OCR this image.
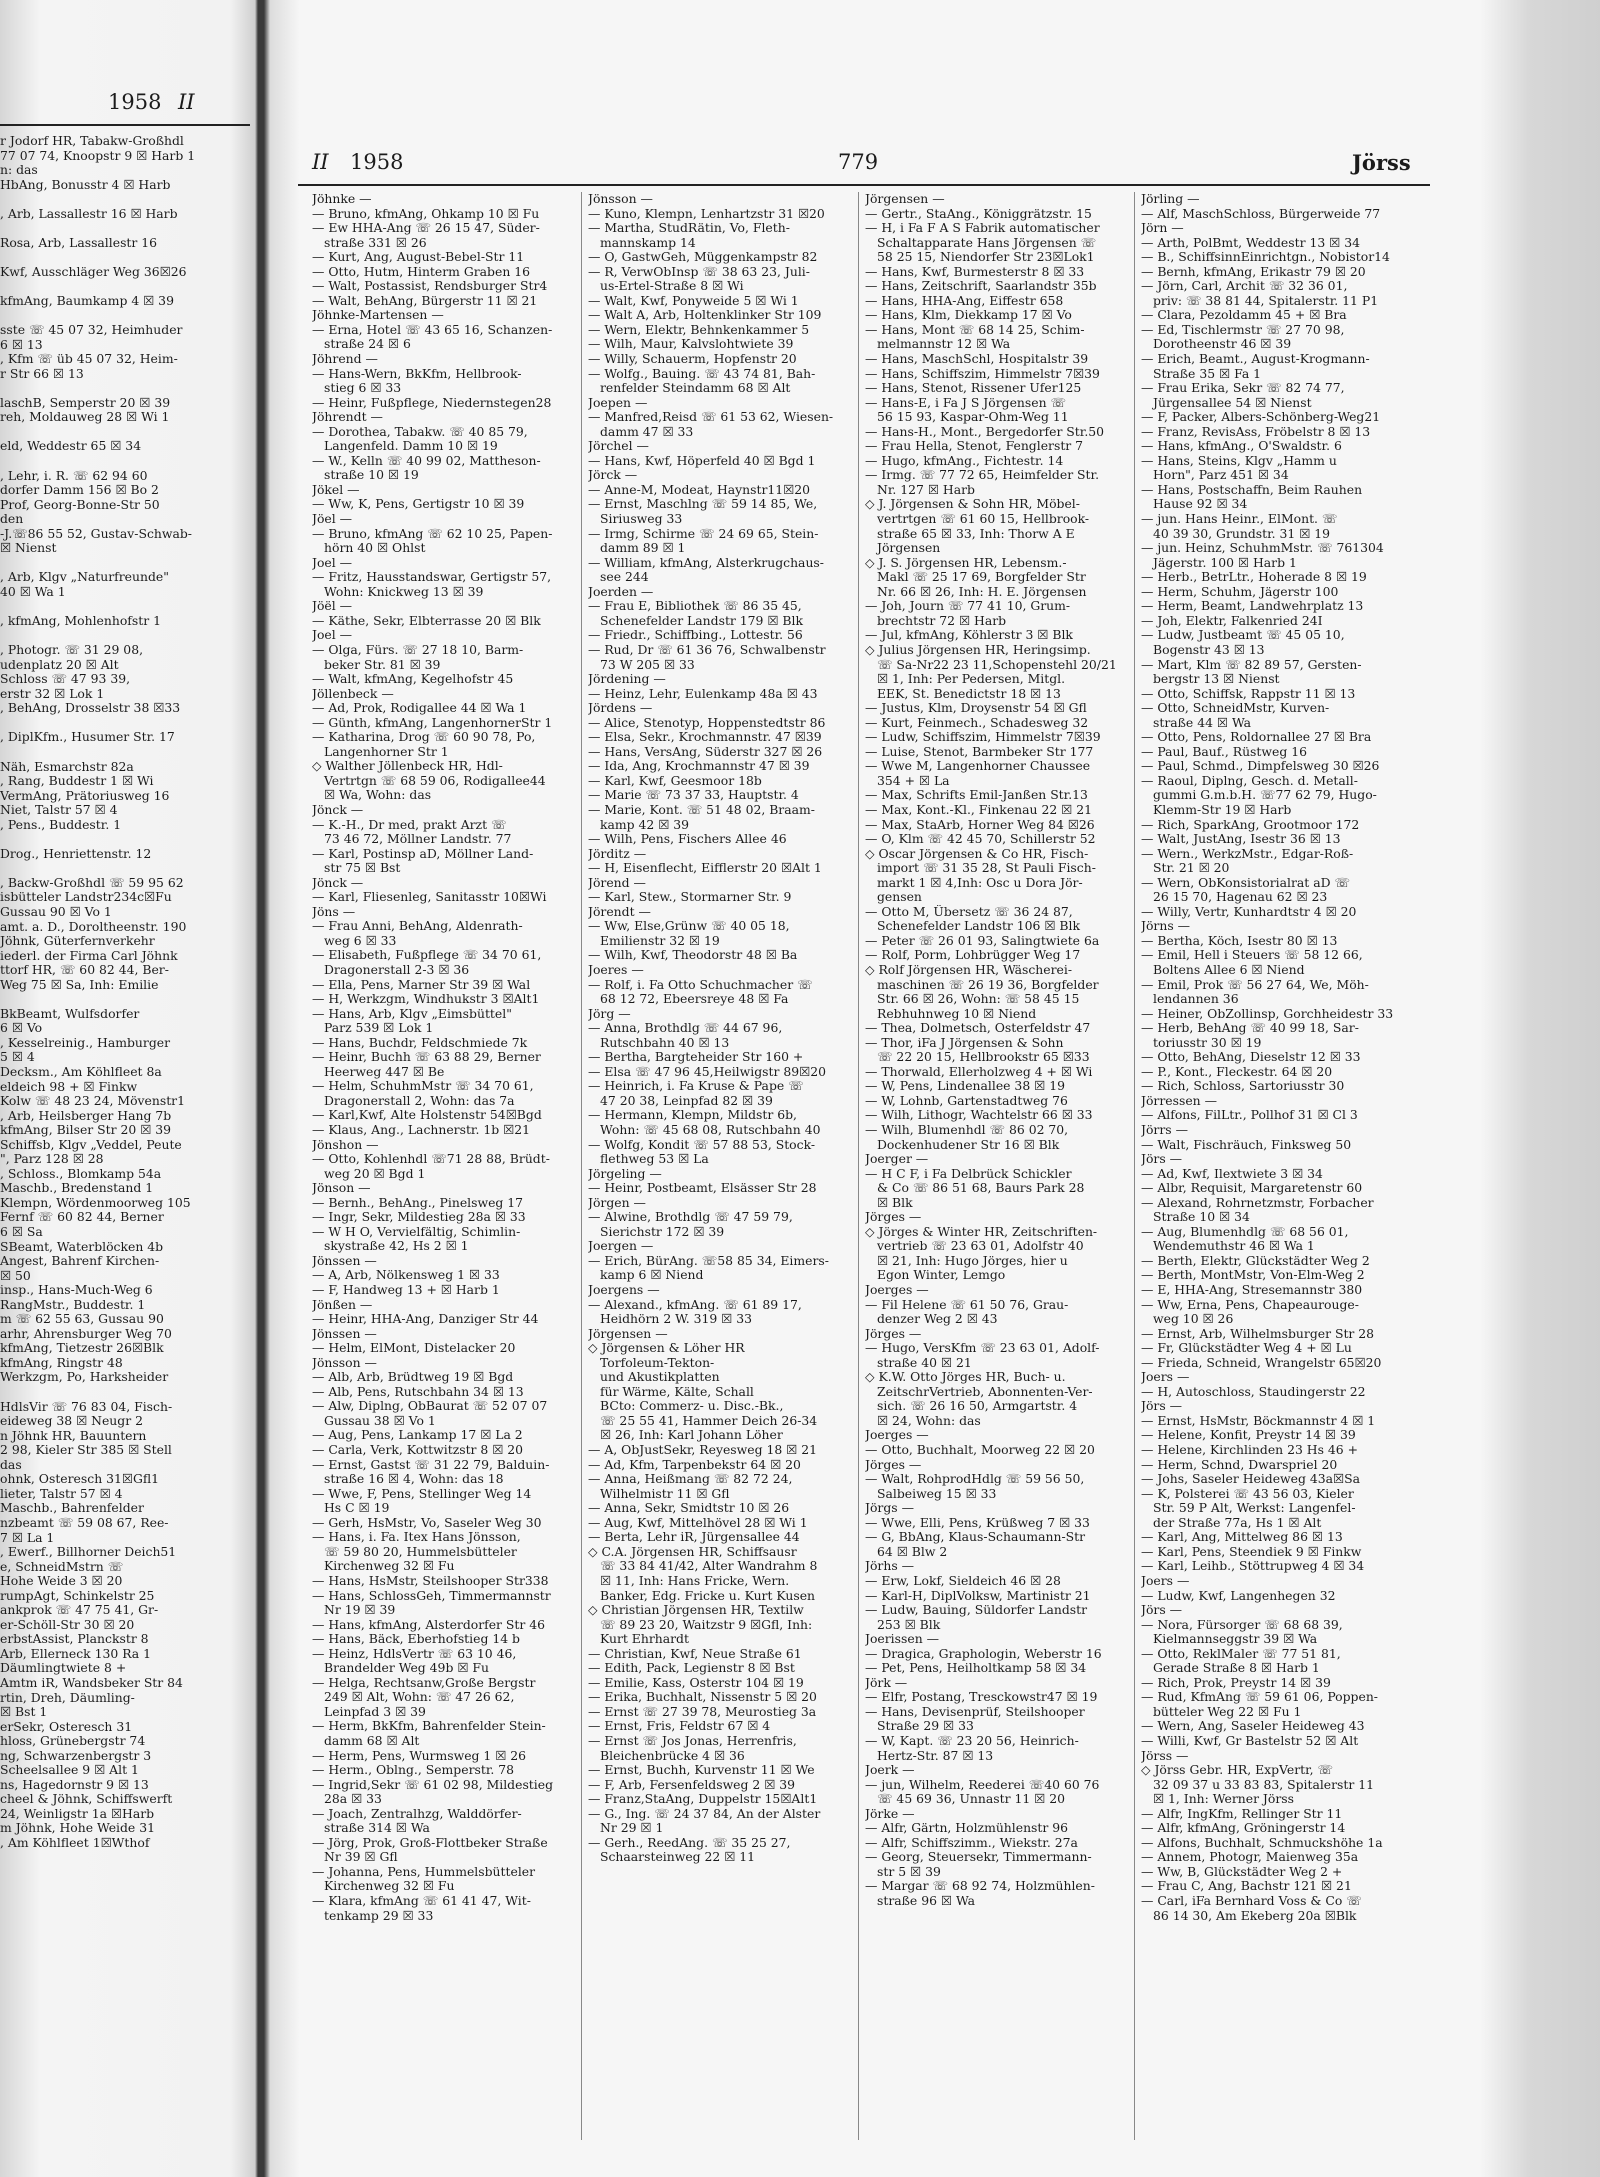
1958 II
r Jodorf HR, Tabakw-Großhdl
77 07 74, Knoopstr 9 ☒ Harb 1
n: das
HbAng, Bonusstr 4 ☒ Harb

, Arb, Lassallestr 16 ☒ Harb

Rosa, Arb, Lassallestr 16

Kwf, Ausschläger Weg 36☒26

kfmAng, Baumkamp 4 ☒ 39

sste ☏ 45 07 32, Heimhuder
6 ☒ 13
, Kfm ☏ üb 45 07 32, Heim-
r Str 66 ☒ 13

laschB, Semperstr 20 ☒ 39
reh, Moldauweg 28 ☒ Wi 1

eld, Weddestr 65 ☒ 34

, Lehr, i. R. ☏ 62 94 60
dorfer Damm 156 ☒ Bo 2
Prof, Georg-Bonne-Str 50
den
-J.☏86 55 52, Gustav-Schwab-
☒ Nienst

, Arb, Klgv „Naturfreunde"
40 ☒ Wa 1

, kfmAng, Mohlenhofstr 1

, Photogr. ☏ 31 29 08,
udenplatz 20 ☒ Alt
Schloss ☏ 47 93 39,
erstr 32 ☒ Lok 1
, BehAng, Drosselstr 38 ☒33

, DiplKfm., Husumer Str. 17

Näh, Esmarchstr 82a
, Rang, Buddestr 1 ☒ Wi
VermAng, Prätoriusweg 16
Niet, Talstr 57 ☒ 4
, Pens., Buddestr. 1

Drog., Henriettenstr. 12

, Backw-Großhdl ☏ 59 95 62
isbütteler Landstr234c☒Fu
Gussau 90 ☒ Vo 1
amt. a. D., Doroltheenstr. 190
Jöhnk, Güterfernverkehr
iederl. der Firma Carl Jöhnk
ttorf HR, ☏ 60 82 44, Ber-
Weg 75 ☒ Sa, Inh: Emilie

BkBeamt, Wulfsdorfer
6 ☒ Vo
, Kesselreinig., Hamburger
5 ☒ 4
Decksm., Am Köhlfleet 8a
eldeich 98 + ☒ Finkw
Kolw ☏ 48 23 24, Mövenstr1
, Arb, Heilsberger Hang 7b
kfmAng, Bilser Str 20 ☒ 39
Schiffsb, Klgv „Veddel, Peute
", Parz 128 ☒ 28
, Schloss., Blomkamp 54a
Maschb., Bredenstand 1
Klempn, Wördenmoorweg 105
Fernf ☏ 60 82 44, Berner
6 ☒ Sa
SBeamt, Waterblöcken 4b
Angest, Bahrenf Kirchen-
☒ 50
insp., Hans-Much-Weg 6
RangMstr., Buddestr. 1
m ☏ 62 55 63, Gussau 90
arhr, Ahrensburger Weg 70
kfmAng, Tietzestr 26☒Blk
kfmAng, Ringstr 48
Werkzgm, Po, Harksheider

HdlsVir ☏ 76 83 04, Fisch-
eideweg 38 ☒ Neugr 2
n Jöhnk HR, Bauuntern
2 98, Kieler Str 385 ☒ Stell
das
ohnk, Osteresch 31☒Gfl1
lieter, Talstr 57 ☒ 4
Maschb., Bahrenfelder
nzbeamt ☏ 59 08 67, Ree-
7 ☒ La 1
, Ewerf., Billhorner Deich51
e, SchneidMstrn ☏
Hohe Weide 3 ☒ 20
rumpAgt, Schinkelstr 25
ankprok ☏ 47 75 41, Gr-
er-Schöll-Str 30 ☒ 20
erbstAssist, Planckstr 8
Arb, Ellerneck 130 Ra 1
Däumlingtwiete 8 +
Amtm iR, Wandsbeker Str 84
rtin, Dreh, Däumling-
☒ Bst 1
erSekr, Osteresch 31
hloss, Grünebergstr 74
ng, Schwarzenbergstr 3
Scheelsallee 9 ☒ Alt 1
ns, Hagedornstr 9 ☒ 13
cheel & Jöhnk, Schiffswerft
24, Weinligstr 1a ☒Harb
m Jöhnk, Hohe Weide 31
, Am Köhlfleet 1☒Wthof
II 1958	779	Jörss
Jöhnke —
— Bruno, kfmAng, Ohkamp 10 ☒ Fu
— Ew HHA-Ang ☏ 26 15 47, Süder-
straße 331 ☒ 26
— Kurt, Ang, August-Bebel-Str 11
— Otto, Hutm, Hinterm Graben 16
— Walt, Postassist, Rendsburger Str4
— Walt, BehAng, Bürgerstr 11 ☒ 21
Jöhnke-Martensen —
— Erna, Hotel ☏ 43 65 16, Schanzen-
straße 24 ☒ 6
Jöhrend —
— Hans-Wern, BkKfm, Hellbrook-
stieg 6 ☒ 33
— Heinr, Fußpflege, Niedernstegen28
Jöhrendt —
— Dorothea, Tabakw. ☏ 40 85 79,
Langenfeld. Damm 10 ☒ 19
— W., Kelln ☏ 40 99 02, Mattheson-
straße 10 ☒ 19
Jökel —
— Ww, K, Pens, Gertigstr 10 ☒ 39
Jöel —
— Bruno, kfmAng ☏ 62 10 25, Papen-
hörn 40 ☒ Ohlst
Joel —
— Fritz, Hausstandswar, Gertigstr 57,
Wohn: Knickweg 13 ☒ 39
Jöël —
— Käthe, Sekr, Elbterrasse 20 ☒ Blk
Joel —
— Olga, Fürs. ☏ 27 18 10, Barm-
beker Str. 81 ☒ 39
— Walt, kfmAng, Kegelhofstr 45
Jöllenbeck —
— Ad, Prok, Rodigallee 44 ☒ Wa 1
— Günth, kfmAng, LangenhornerStr 1
— Katharina, Drog ☏ 60 90 78, Po,
Langenhorner Str 1
◇ Walther Jöllenbeck HR, Hdl-
Vertrtgn ☏ 68 59 06, Rodigallee44
☒ Wa, Wohn: das
Jönck —
— K.-H., Dr med, prakt Arzt ☏
73 46 72, Möllner Landstr. 77
— Karl, Postinsp aD, Möllner Land-
str 75 ☒ Bst
Jönck —
— Karl, Fliesenleg, Sanitasstr 10☒Wi
Jöns —
— Frau Anni, BehAng, Aldenrath-
weg 6 ☒ 33
— Elisabeth, Fußpflege ☏ 34 70 61,
Dragonerstall 2-3 ☒ 36
— Ella, Pens, Marner Str 39 ☒ Wal
— H, Werkzgm, Windhukstr 3 ☒Alt1
— Hans, Arb, Klgv „Eimsbüttel"
Parz 539 ☒ Lok 1
— Hans, Buchdr, Feldschmiede 7k
— Heinr, Buchh ☏ 63 88 29, Berner
Heerweg 447 ☒ Be
— Helm, SchuhmMstr ☏ 34 70 61,
Dragonerstall 2, Wohn: das 7a
— Karl,Kwf, Alte Holstenstr 54☒Bgd
— Klaus, Ang., Lachnerstr. 1b ☒21
Jönshon —
— Otto, Kohlenhdl ☏71 28 88, Brüdt-
weg 20 ☒ Bgd 1
Jönson —
— Bernh., BehAng., Pinelsweg 17
— Ingr, Sekr, Mildestieg 28a ☒ 33
— W H O, Vervielfältig, Schimlin-
skystraße 42, Hs 2 ☒ 1
Jönssen —
— A, Arb, Nölkensweg 1 ☒ 33
— F, Handweg 13 + ☒ Harb 1
Jönßen —
— Heinr, HHA-Ang, Danziger Str 44
Jönssen —
— Helm, ElMont, Distelacker 20
Jönsson —
— Alb, Arb, Brüdtweg 19 ☒ Bgd
— Alb, Pens, Rutschbahn 34 ☒ 13
— Alw, Diplng, ObBaurat ☏ 52 07 07
Gussau 38 ☒ Vo 1
— Aug, Pens, Lankamp 17 ☒ La 2
— Carla, Verk, Kottwitzstr 8 ☒ 20
— Ernst, Gastst ☏ 31 22 79, Balduin-
straße 16 ☒ 4, Wohn: das 18
— Wwe, F, Pens, Stellinger Weg 14
Hs C ☒ 19
— Gerh, HsMstr, Vo, Saseler Weg 30
— Hans, i. Fa. Itex Hans Jönsson,
☏ 59 80 20, Hummelsbütteler
Kirchenweg 32 ☒ Fu
— Hans, HsMstr, Steilshooper Str338
— Hans, SchlossGeh, Timmermannstr
Nr 19 ☒ 39
— Hans, kfmAng, Alsterdorfer Str 46
— Hans, Bäck, Eberhofstieg 14 b
— Heinz, HdlsVertr ☏ 63 10 46,
Brandelder Weg 49b ☒ Fu
— Helga, Rechtsanw,Große Bergstr
249 ☒ Alt, Wohn: ☏ 47 26 62,
Leinpfad 3 ☒ 39
— Herm, BkKfm, Bahrenfelder Stein-
damm 68 ☒ Alt
— Herm, Pens, Wurmsweg 1 ☒ 26
— Herm., Oblng., Semperstr. 78
— Ingrid,Sekr ☏ 61 02 98, Mildestieg
28a ☒ 33
— Joach, Zentralhzg, Walddörfer-
straße 314 ☒ Wa
— Jörg, Prok, Groß-Flottbeker Straße
Nr 39 ☒ Gfl
— Johanna, Pens, Hummelsbütteler
Kirchenweg 32 ☒ Fu
— Klara, kfmAng ☏ 61 41 47, Wit-
tenkamp 29 ☒ 33
Jönsson —
— Kuno, Klempn, Lenhartzstr 31 ☒20
— Martha, StudRätin, Vo, Fleth-
mannskamp 14
— O, GastwGeh, Müggenkampstr 82
— R, VerwObInsp ☏ 38 63 23, Juli-
us-Ertel-Straße 8 ☒ Wi
— Walt, Kwf, Ponyweide 5 ☒ Wi 1
— Walt A, Arb, Holtenklinker Str 109
— Wern, Elektr, Behnkenkammer 5
— Wilh, Maur, Kalvslohtwiete 39
— Willy, Schauerm, Hopfenstr 20
— Wolfg., Bauing. ☏ 43 74 81, Bah-
renfelder Steindamm 68 ☒ Alt
Joepen —
— Manfred,Reisd ☏ 61 53 62, Wiesen-
damm 47 ☒ 33
Jörchel —
— Hans, Kwf, Höperfeld 40 ☒ Bgd 1
Jörck —
— Anne-M, Modeat, Haynstr11☒20
— Ernst, Maschlng ☏ 59 14 85, We,
Siriusweg 33
— Irmg, Schirme ☏ 24 69 65, Stein-
damm 89 ☒ 1
— William, kfmAng, Alsterkrugchaus-
see 244
Joerden —
— Frau E, Bibliothek ☏ 86 35 45,
Schenefelder Landstr 179 ☒ Blk
— Friedr., Schiffbing., Lottestr. 56
— Rud, Dr ☏ 61 36 76, Schwalbenstr
73 W 205 ☒ 33
Jördening —
— Heinz, Lehr, Eulenkamp 48a ☒ 43
Jördens —
— Alice, Stenotyp, Hoppenstedtstr 86
— Elsa, Sekr., Krochmannstr. 47 ☒39
— Hans, VersAng, Süderstr 327 ☒ 26
— Ida, Ang, Krochmannstr 47 ☒ 39
— Karl, Kwf, Geesmoor 18b
— Marie ☏ 73 37 33, Hauptstr. 4
— Marie, Kont. ☏ 51 48 02, Braam-
kamp 42 ☒ 39
— Wilh, Pens, Fischers Allee 46
Jörditz —
— H, Eisenflecht, Eifflerstr 20 ☒Alt 1
Jörend —
— Karl, Stew., Stormarner Str. 9
Jörendt —
— Ww, Else,Grünw ☏ 40 05 18,
Emilienstr 32 ☒ 19
— Wilh, Kwf, Theodorstr 48 ☒ Ba
Joeres —
— Rolf, i. Fa Otto Schuchmacher ☏
68 12 72, Ebeersreye 48 ☒ Fa
Jörg —
— Anna, Brothdlg ☏ 44 67 96,
Rutschbahn 40 ☒ 13
— Bertha, Bargteheider Str 160 +
— Elsa ☏ 47 96 45,Heilwigstr 89☒20
— Heinrich, i. Fa Kruse & Pape ☏
47 20 38, Leinpfad 82 ☒ 39
— Hermann, Klempn, Mildstr 6b,
Wohn: ☏ 45 68 08, Rutschbahn 40
— Wolfg, Kondit ☏ 57 88 53, Stock-
flethweg 53 ☒ La
Jörgeling —
— Heinr, Postbeamt, Elsässer Str 28
Jörgen —
— Alwine, Brothdlg ☏ 47 59 79,
Sierichstr 172 ☒ 39
Joergen —
— Erich, BürAng. ☏58 85 34, Eimers-
kamp 6 ☒ Niend
Joergens —
— Alexand., kfmAng. ☏ 61 89 17,
Heidhörn 2 W. 319 ☒ 33
Jörgensen —
◇ Jörgensen & Löher HR
Torfoleum-Tekton-
und Akustikplatten
für Wärme, Kälte, Schall
BCto: Commerz- u. Disc.-Bk.,
☏ 25 55 41, Hammer Deich 26-34
☒ 26, Inh: Karl Johann Löher
— A, ObJustSekr, Reyesweg 18 ☒ 21
— Ad, Kfm, Tarpenbekstr 64 ☒ 20
— Anna, Heißmang ☏ 82 72 24,
Wilhelmistr 11 ☒ Gfl
— Anna, Sekr, Smidtstr 10 ☒ 26
— Aug, Kwf, Mittelhövel 28 ☒ Wi 1
— Berta, Lehr iR, Jürgensallee 44
◇ C.A. Jörgensen HR, Schiffsausr
☏ 33 84 41/42, Alter Wandrahm 8
☒ 11, Inh: Hans Fricke, Wern.
Banker, Edg. Fricke u. Kurt Kusen
◇ Christian Jörgensen HR, Textilw
☏ 89 23 20, Waitzstr 9 ☒Gfl, Inh:
Kurt Ehrhardt
— Christian, Kwf, Neue Straße 61
— Edith, Pack, Legienstr 8 ☒ Bst
— Emilie, Kass, Osterstr 104 ☒ 19
— Erika, Buchhalt, Nissenstr 5 ☒ 20
— Ernst ☏ 27 39 78, Meurostieg 3a
— Ernst, Fris, Feldstr 67 ☒ 4
— Ernst ☏ Jos Jonas, Herrenfris,
Bleichenbrücke 4 ☒ 36
— Ernst, Buchh, Kurvenstr 11 ☒ We
— F, Arb, Fersenfeldsweg 2 ☒ 39
— Franz,StaAng, Duppelstr 15☒Alt1
— G., Ing. ☏ 24 37 84, An der Alster
Nr 29 ☒ 1
— Gerh., ReedAng. ☏ 35 25 27,
Schaarsteinweg 22 ☒ 11
Jörgensen —
— Gertr., StaAng., Königgrätzstr. 15
— H, i Fa F A S Fabrik automatischer
Schaltapparate Hans Jörgensen ☏
58 25 15, Niendorfer Str 23☒Lok1
— Hans, Kwf, Burmesterstr 8 ☒ 33
— Hans, Zeitschrift, Saarlandstr 35b
— Hans, HHA-Ang, Eiffestr 658
— Hans, Klm, Diekkamp 17 ☒ Vo
— Hans, Mont ☏ 68 14 25, Schim-
melmannstr 12 ☒ Wa
— Hans, MaschSchl, Hospitalstr 39
— Hans, Schiffszim, Himmelstr 7☒39
— Hans, Stenot, Rissener Ufer125
— Hans-E, i Fa J S Jörgensen ☏
56 15 93, Kaspar-Ohm-Weg 11
— Hans-H., Mont., Bergedorfer Str.50
— Frau Hella, Stenot, Fenglerstr 7
— Hugo, kfmAng., Fichtestr. 14
— Irmg. ☏ 77 72 65, Heimfelder Str.
Nr. 127 ☒ Harb
◇ J. Jörgensen & Sohn HR, Möbel-
vertrtgen ☏ 61 60 15, Hellbrook-
straße 65 ☒ 33, Inh: Thorw A E
Jörgensen
◇ J. S. Jörgensen HR, Lebensm.-
Makl ☏ 25 17 69, Borgfelder Str
Nr. 66 ☒ 26, Inh: H. E. Jörgensen
— Joh, Journ ☏ 77 41 10, Grum-
brechtstr 72 ☒ Harb
— Jul, kfmAng, Köhlerstr 3 ☒ Blk
◇ Julius Jörgensen HR, Heringsimp.
☏ Sa-Nr22 23 11,Schopenstehl 20/21
☒ 1, Inh: Per Pedersen, Mitgl.
EEK, St. Benedictstr 18 ☒ 13
— Justus, Klm, Droysenstr 54 ☒ Gfl
— Kurt, Feinmech., Schadesweg 32
— Ludw, Schiffszim, Himmelstr 7☒39
— Luise, Stenot, Barmbeker Str 177
— Wwe M, Langenhorner Chaussee
354 + ☒ La
— Max, Schrifts Emil-Janßen Str.13
— Max, Kont.-Kl., Finkenau 22 ☒ 21
— Max, StaArb, Horner Weg 84 ☒26
— O, Klm ☏ 42 45 70, Schillerstr 52
◇ Oscar Jörgensen & Co HR, Fisch-
import ☏ 31 35 28, St Pauli Fisch-
markt 1 ☒ 4,Inh: Osc u Dora Jör-
gensen
— Otto M, Übersetz ☏ 36 24 87,
Schenefelder Landstr 106 ☒ Blk
— Peter ☏ 26 01 93, Salingtwiete 6a
— Rolf, Porm, Lohbrügger Weg 17
◇ Rolf Jörgensen HR, Wäscherei-
maschinen ☏ 26 19 36, Borgfelder
Str. 66 ☒ 26, Wohn: ☏ 58 45 15
Rebhuhnweg 10 ☒ Niend
— Thea, Dolmetsch, Osterfeldstr 47
— Thor, iFa J Jörgensen & Sohn
☏ 22 20 15, Hellbrookstr 65 ☒33
— Thorwald, Ellerholzweg 4 + ☒ Wi
— W, Pens, Lindenallee 38 ☒ 19
— W, Lohnb, Gartenstadtweg 76
— Wilh, Lithogr, Wachtelstr 66 ☒ 33
— Wilh, Blumenhdl ☏ 86 02 70,
Dockenhudener Str 16 ☒ Blk
Joerger —
— H C F, i Fa Delbrück Schickler
& Co ☏ 86 51 68, Baurs Park 28
☒ Blk
Jörges —
◇ Jörges & Winter HR, Zeitschriften-
vertrieb ☏ 23 63 01, Adolfstr 40
☒ 21, Inh: Hugo Jörges, hier u
Egon Winter, Lemgo
Joerges —
— Fil Helene ☏ 61 50 76, Grau-
denzer Weg 2 ☒ 43
Jörges —
— Hugo, VersKfm ☏ 23 63 01, Adolf-
straße 40 ☒ 21
◇ K.W. Otto Jörges HR, Buch- u.
ZeitschrVertrieb, Abonnenten-Ver-
sich. ☏ 26 16 50, Armgartstr. 4
☒ 24, Wohn: das
Joerges —
— Otto, Buchhalt, Moorweg 22 ☒ 20
Jörges —
— Walt, RohprodHdlg ☏ 59 56 50,
Salbeiweg 15 ☒ 33
Jörgs —
— Wwe, Elli, Pens, Krüßweg 7 ☒ 33
— G, BbAng, Klaus-Schaumann-Str
64 ☒ Blw 2
Jörhs —
— Erw, Lokf, Sieldeich 46 ☒ 28
— Karl-H, DiplVolksw, Martinistr 21
— Ludw, Bauing, Süldorfer Landstr
253 ☒ Blk
Joerissen —
— Dragica, Graphologin, Weberstr 16
— Pet, Pens, Heilholtkamp 58 ☒ 34
Jörk —
— Elfr, Postang, Tresckowstr47 ☒ 19
— Hans, Devisenprüf, Steilshooper
Straße 29 ☒ 33
— W, Kapt. ☏ 23 20 56, Heinrich-
Hertz-Str. 87 ☒ 13
Joerk —
— jun, Wilhelm, Reederei ☏40 60 76
☏ 45 69 36, Unnastr 11 ☒ 20
Jörke —
— Alfr, Gärtn, Holzmühlenstr 96
— Alfr, Schiffszimm., Wiekstr. 27a
— Georg, Steuersekr, Timmermann-
str 5 ☒ 39
— Margar ☏ 68 92 74, Holzmühlen-
straße 96 ☒ Wa
Jörling —
— Alf, MaschSchloss, Bürgerweide 77
Jörn —
— Arth, PolBmt, Weddestr 13 ☒ 34
— B., SchiffsinnEinrichtgn., Nobistor14
— Bernh, kfmAng, Erikastr 79 ☒ 20
— Jörn, Carl, Archit ☏ 32 36 01,
priv: ☏ 38 81 44, Spitalerstr. 11 P1
— Clara, Pezoldamm 45 + ☒ Bra
— Ed, Tischlermstr ☏ 27 70 98,
Dorotheenstr 46 ☒ 39
— Erich, Beamt., August-Krogmann-
Straße 35 ☒ Fa 1
— Frau Erika, Sekr ☏ 82 74 77,
Jürgensallee 54 ☒ Nienst
— F, Packer, Albers-Schönberg-Weg21
— Franz, RevisAss, Fröbelstr 8 ☒ 13
— Hans, kfmAng., O'Swaldstr. 6
— Hans, Steins, Klgv „Hamm u
Horn", Parz 451 ☒ 34
— Hans, Postschaffn, Beim Rauhen
Hause 92 ☒ 34
— jun. Hans Heinr., ElMont. ☏
40 39 30, Grundstr. 31 ☒ 19
— jun. Heinz, SchuhmMstr. ☏ 761304
Jägerstr. 100 ☒ Harb 1
— Herb., BetrLtr., Hoherade 8 ☒ 19
— Herm, Schuhm, Jägerstr 100
— Herm, Beamt, Landwehrplatz 13
— Joh, Elektr, Falkenried 24I
— Ludw, Justbeamt ☏ 45 05 10,
Bogenstr 43 ☒ 13
— Mart, Klm ☏ 82 89 57, Gersten-
bergstr 13 ☒ Nienst
— Otto, Schiffsk, Rappstr 11 ☒ 13
— Otto, SchneidMstr, Kurven-
straße 44 ☒ Wa
— Otto, Pens, Roldornallee 27 ☒ Bra
— Paul, Bauf., Rüstweg 16
— Paul, Schmd., Dimpfelsweg 30 ☒26
— Raoul, Diplng, Gesch. d. Metall-
gummi G.m.b.H. ☏77 62 79, Hugo-
Klemm-Str 19 ☒ Harb
— Rich, SparkAng, Grootmoor 172
— Walt, JustAng, Isestr 36 ☒ 13
— Wern., WerkzMstr., Edgar-Roß-
Str. 21 ☒ 20
— Wern, ObKonsistorialrat aD ☏
26 15 70, Hagenau 62 ☒ 23
— Willy, Vertr, Kunhardtstr 4 ☒ 20
Jörns —
— Bertha, Köch, Isestr 80 ☒ 13
— Emil, Hell i Steuers ☏ 58 12 66,
Boltens Allee 6 ☒ Niend
— Emil, Prok ☏ 56 27 64, We, Möh-
lendannen 36
— Heiner, ObZollinsp, Gorchheidestr 33
— Herb, BehAng ☏ 40 99 18, Sar-
toriusstr 30 ☒ 19
— Otto, BehAng, Dieselstr 12 ☒ 33
— P., Kont., Fleckestr. 64 ☒ 20
— Rich, Schloss, Sartoriusstr 30
Jörressen —
— Alfons, FilLtr., Pollhof 31 ☒ Cl 3
Jörrs —
— Walt, Fischräuch, Finksweg 50
Jörs —
— Ad, Kwf, Ilextwiete 3 ☒ 34
— Albr, Requisit, Margaretenstr 60
— Alexand, Rohrnetzmstr, Forbacher
Straße 10 ☒ 34
— Aug, Blumenhdlg ☏ 68 56 01,
Wendemuthstr 46 ☒ Wa 1
— Berth, Elektr, Glückstädter Weg 2
— Berth, MontMstr, Von-Elm-Weg 2
— E, HHA-Ang, Stresemannstr 380
— Ww, Erna, Pens, Chapeaurouge-
weg 10 ☒ 26
— Ernst, Arb, Wilhelmsburger Str 28
— Fr, Glückstädter Weg 4 + ☒ Lu
— Frieda, Schneid, Wrangelstr 65☒20
Joers —
— H, Autoschloss, Staudingerstr 22
Jörs —
— Ernst, HsMstr, Böckmannstr 4 ☒ 1
— Helene, Konfit, Preystr 14 ☒ 39
— Helene, Kirchlinden 23 Hs 46 +
— Herm, Schnd, Dwarspriel 20
— Johs, Saseler Heideweg 43a☒Sa
— K, Polsterei ☏ 43 56 03, Kieler
Str. 59 P Alt, Werkst: Langenfel-
der Straße 77a, Hs 1 ☒ Alt
— Karl, Ang, Mittelweg 86 ☒ 13
— Karl, Pens, Steendiek 9 ☒ Finkw
— Karl, Leihb., Stöttrupweg 4 ☒ 34
Joers —
— Ludw, Kwf, Langenhegen 32
Jörs —
— Nora, Fürsorger ☏ 68 68 39,
Kielmannseggstr 39 ☒ Wa
— Otto, ReklMaler ☏ 77 51 81,
Gerade Straße 8 ☒ Harb 1
— Rich, Prok, Preystr 14 ☒ 39
— Rud, KfmAng ☏ 59 61 06, Poppen-
bütteler Weg 22 ☒ Fu 1
— Wern, Ang, Saseler Heideweg 43
— Willi, Kwf, Gr Bastelstr 52 ☒ Alt
Jörss —
◇ Jörss Gebr. HR, ExpVertr, ☏
32 09 37 u 33 83 83, Spitalerstr 11
☒ 1, Inh: Werner Jörss
— Alfr, IngKfm, Rellinger Str 11
— Alfr, kfmAng, Gröningerstr 14
— Alfons, Buchhalt, Schmuckshöhe 1a
— Annem, Photogr, Maienweg 35a
— Ww, B, Glückstädter Weg 2 +
— Frau C, Ang, Bachstr 121 ☒ 21
— Carl, iFa Bernhard Voss & Co ☏
86 14 30, Am Ekeberg 20a ☒Blk
